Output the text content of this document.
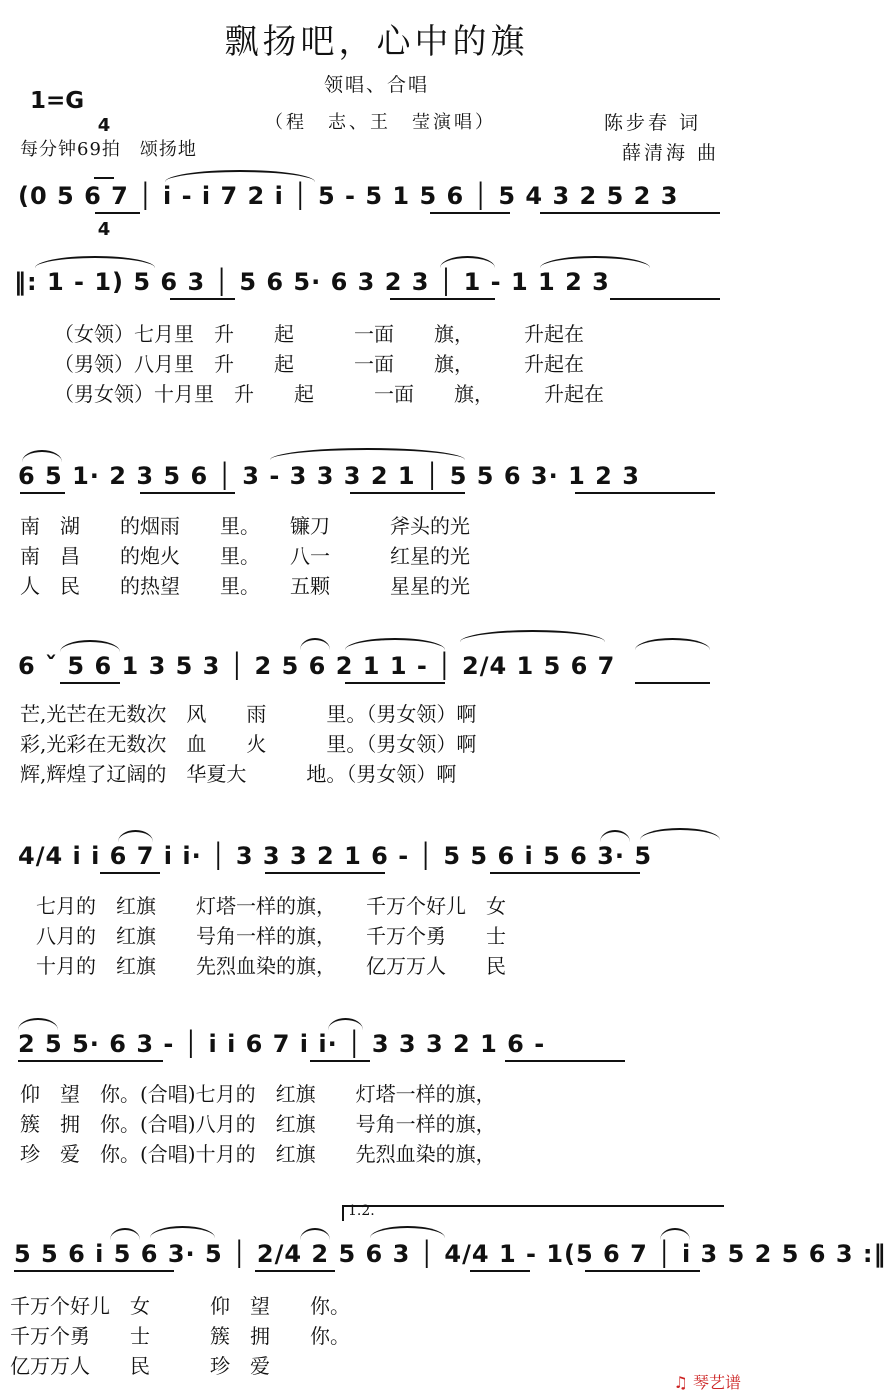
飘扬吧，心中的旗
领唱、合唱
（程　志、王　莹演唱）	陈步春 词
薛清海 曲
1=G

4

4

每分钟69拍　颂扬地
(0 5 6 7 │ i - i 7 2 i │ 5 - 5 1 5 6 │ 5 4 3 2 5 2 3
‖: 1 - 1) 5 6 3 │ 5 6 5· 6 3 2 3 │ 1 - 1 1 2 3
（女领）七月里　升　　起　　　一面　　旗，　　　升起在
（男领）八月里　升　　起　　　一面　　旗，　　　升起在
（男女领）十月里　升　　起　　　一面　　旗，　　　升起在
6 5 1· 2 3 5 6 │ 3 - 3 3 3 2 1 │ 5 5 6 3· 1 2 3
南　湖　　的烟雨　　里。　　镰刀　　　斧头的光
南　昌　　的炮火　　里。　　八一　　　红星的光
人　民　　的热望　　里。　　五颗　　　星星的光
6 ˇ 5 6 1 3 5 3 │ 2 5 6 2 1 1 - │ 2/4 1 5 6 7
芒,光芒在无数次　风　　雨　　　里。（男女领）啊
彩,光彩在无数次　血　　火　　　里。（男女领）啊
辉,辉煌了辽阔的　华夏大　　　地。（男女领）啊
4/4 i i 6 7 i i· │ 3 3 3 2 1 6 - │ 5 5 6 i 5 6 3· 5
七月的　红旗　　灯塔一样的旗，　　千万个好儿　女
八月的　红旗　　号角一样的旗，　　千万个勇　　士
十月的　红旗　　先烈血染的旗，　　亿万万人　　民
2 5 5· 6 3 - │ i i 6 7 i i· │ 3 3 3 2 1 6 -
仰　望　你。(合唱)七月的　红旗　　灯塔一样的旗，
簇　拥　你。(合唱)八月的　红旗　　号角一样的旗，
珍　爱　你。(合唱)十月的　红旗　　先烈血染的旗，
1.2.
5 5 6 i 5 6 3· 5 │ 2/4 2 5 6 3 │ 4/4 1 - 1(5 6 7 │ i 3 5 2 5 6 3 :‖
千万个好儿　女　　　仰　望　　你。
千万个勇　　士　　　簇　拥　　你。
亿万万人　　民　　　珍　爱

♫ 琴艺谱
